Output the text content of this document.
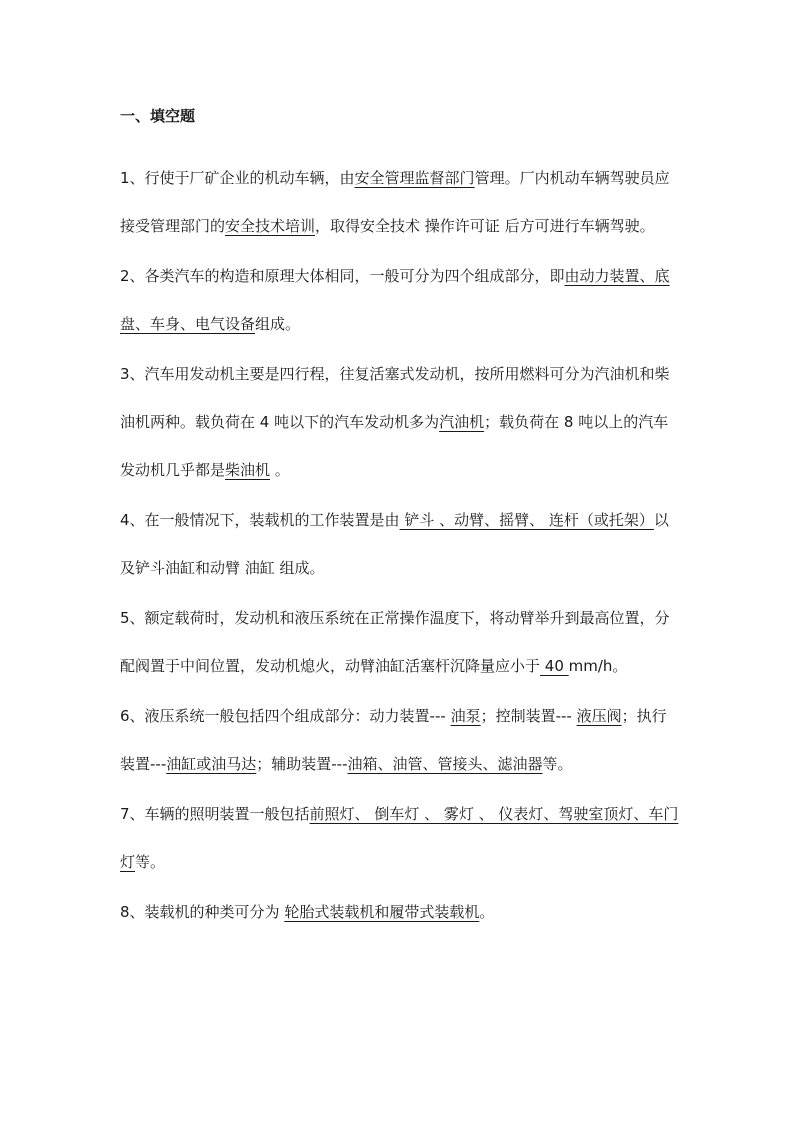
一、填空题
1、行使于厂矿企业的机动车辆，由安全管理监督部门管理。厂内机动车辆驾驶员应接受管理部门的安全技术培训，取得安全技术 操作许可证 后方可进行车辆驾驶。
2、各类汽车的构造和原理大体相同，一般可分为四个组成部分，即由动力装置、底盘、车身、电气设备组成。
3、汽车用发动机主要是四行程，往复活塞式发动机，按所用燃料可分为汽油机和柴油机两种。载负荷在 4 吨以下的汽车发动机多为汽油机；载负荷在 8 吨以上的汽车发动机几乎都是柴油机 。
4、在一般情况下，装载机的工作装置是由 铲斗 、动臂、摇臂、 连杆（或托架）以及铲斗油缸和动臂 油缸 组成。
5、额定载荷时，发动机和液压系统在正常操作温度下，将动臂举升到最高位置，分配阀置于中间位置，发动机熄火，动臂油缸活塞杆沉降量应小于 40 mm/h。
6、液压系统一般包括四个组成部分：动力装置--- 油泵；控制装置--- 液压阀；执行装置---油缸或油马达；辅助装置---油箱、油管、管接头、滤油器等。
7、车辆的照明装置一般包括前照灯、 倒车灯 、 雾灯 、 仪表灯、驾驶室顶灯、车门灯等。
8、装载机的种类可分为 轮胎式装载机和履带式装载机。
